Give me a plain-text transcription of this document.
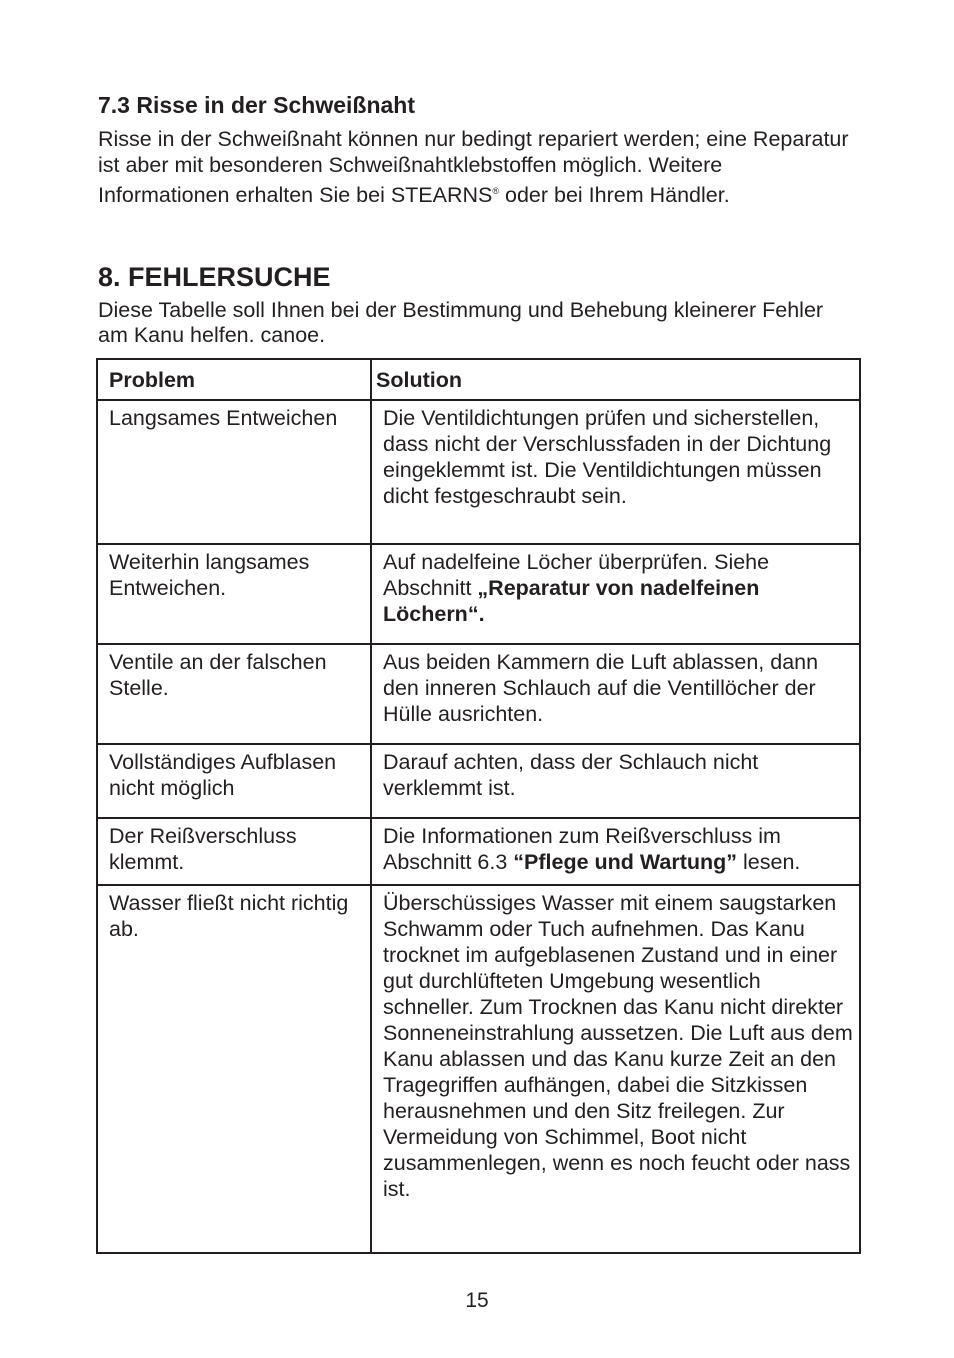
7.3 Risse in der Schweißnaht

Risse in der Schweißnaht können nur bedingt repariert werden; eine Reparatur ist aber mit besonderen Schweißnahtklebstoffen möglich. Weitere Informationen erhalten Sie bei STEARNS® oder bei Ihrem Händler.

8. FEHLERSUCHE

Diese Tabelle soll Ihnen bei der Bestimmung und Behebung kleinerer Fehler am Kanu helfen. canoe.

Problem	Solution

Langsames Entweichen	Die Ventildichtungen prüfen und sicherstellen, dass nicht der Verschlussfaden in der Dichtung eingeklemmt ist. Die Ventildichtungen müssen dicht festgeschraubt sein.

Weiterhin langsames Entweichen.	Auf nadelfeine Löcher überprüfen. Siehe Abschnitt „Reparatur von nadelfeinen Löchern“.

Ventile an der falschen Stelle.	Aus beiden Kammern die Luft ablassen, dann den inneren Schlauch auf die Ventillöcher der Hülle ausrichten.

Vollständiges Aufblasen nicht möglich	Darauf achten, dass der Schlauch nicht verklemmt ist.

Der Reißverschluss klemmt.	Die Informationen zum Reißverschluss im Abschnitt 6.3 “Pflege und Wartung” lesen.

Wasser fließt nicht richtig ab.	Überschüssiges Wasser mit einem saugstarken Schwamm oder Tuch aufnehmen. Das Kanu trocknet im aufgeblasenen Zustand und in einer gut durchlüfteten Umgebung wesentlich schneller. Zum Trocknen das Kanu nicht direkter Sonneneinstrahlung aussetzen. Die Luft aus dem Kanu ablassen und das Kanu kurze Zeit an den Tragegriffen aufhängen, dabei die Sitzkissen herausnehmen und den Sitz freilegen. Zur Vermeidung von Schimmel, Boot nicht zusammenlegen, wenn es noch feucht oder nass ist.
15
